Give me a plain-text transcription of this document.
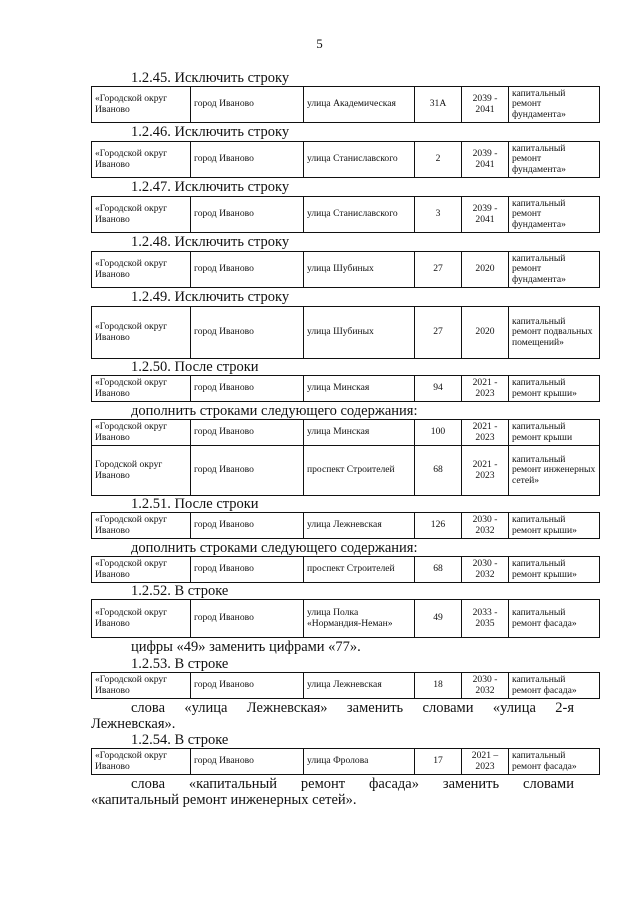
5
1.2.45. Исключить строку
«Городской округ Иваново	город Иваново	улица Академическая	31А	2039 - 2041	капитальный ремонт фундамента»
1.2.46. Исключить строку
«Городской округ Иваново	город Иваново	улица Станиславского	2	2039 - 2041	капитальный ремонт фундамента»
1.2.47. Исключить строку
«Городской округ Иваново	город Иваново	улица Станиславского	3	2039 - 2041	капитальный ремонт фундамента»
1.2.48. Исключить строку
«Городской округ Иваново	город Иваново	улица Шубиных	27	2020	капитальный ремонт фундамента»
1.2.49. Исключить строку
«Городской округ Иваново	город Иваново	улица Шубиных	27	2020	капитальный ремонт подвальных помещений»
1.2.50. После строки
«Городской округ Иваново	город Иваново	улица Минская	94	2021 - 2023	капитальный ремонт крыши»
дополнить строками следующего содержания:
«Городской округ Иваново	город Иваново	улица Минская	100	2021 - 2023	капитальный ремонт крыши
Городской округ Иваново	город Иваново	проспект Строителей	68	2021 - 2023	капитальный ремонт инженерных сетей»
1.2.51. После строки
«Городской округ Иваново	город Иваново	улица Лежневская	126	2030 - 2032	капитальный ремонт крыши»
дополнить строками следующего содержания:
«Городской округ Иваново	город Иваново	проспект Строителей	68	2030 - 2032	капитальный ремонт крыши»
1.2.52. В строке
«Городской округ Иваново	город Иваново	улица Полка «Нормандия-Неман»	49	2033 - 2035	капитальный ремонт фасада»
цифры «49» заменить цифрами «77».
1.2.53. В строке
«Городской округ Иваново	город Иваново	улица Лежневская	18	2030 - 2032	капитальный ремонт фасада»
слова «улица Лежневская» заменить словами «улица 2-я
Лежневская».
1.2.54. В строке
«Городской округ Иваново	город Иваново	улица Фролова	17	2021 – 2023	капитальный ремонт фасада»
слова «капитальный ремонт фасада» заменить словами
«капитальный ремонт инженерных сетей».
